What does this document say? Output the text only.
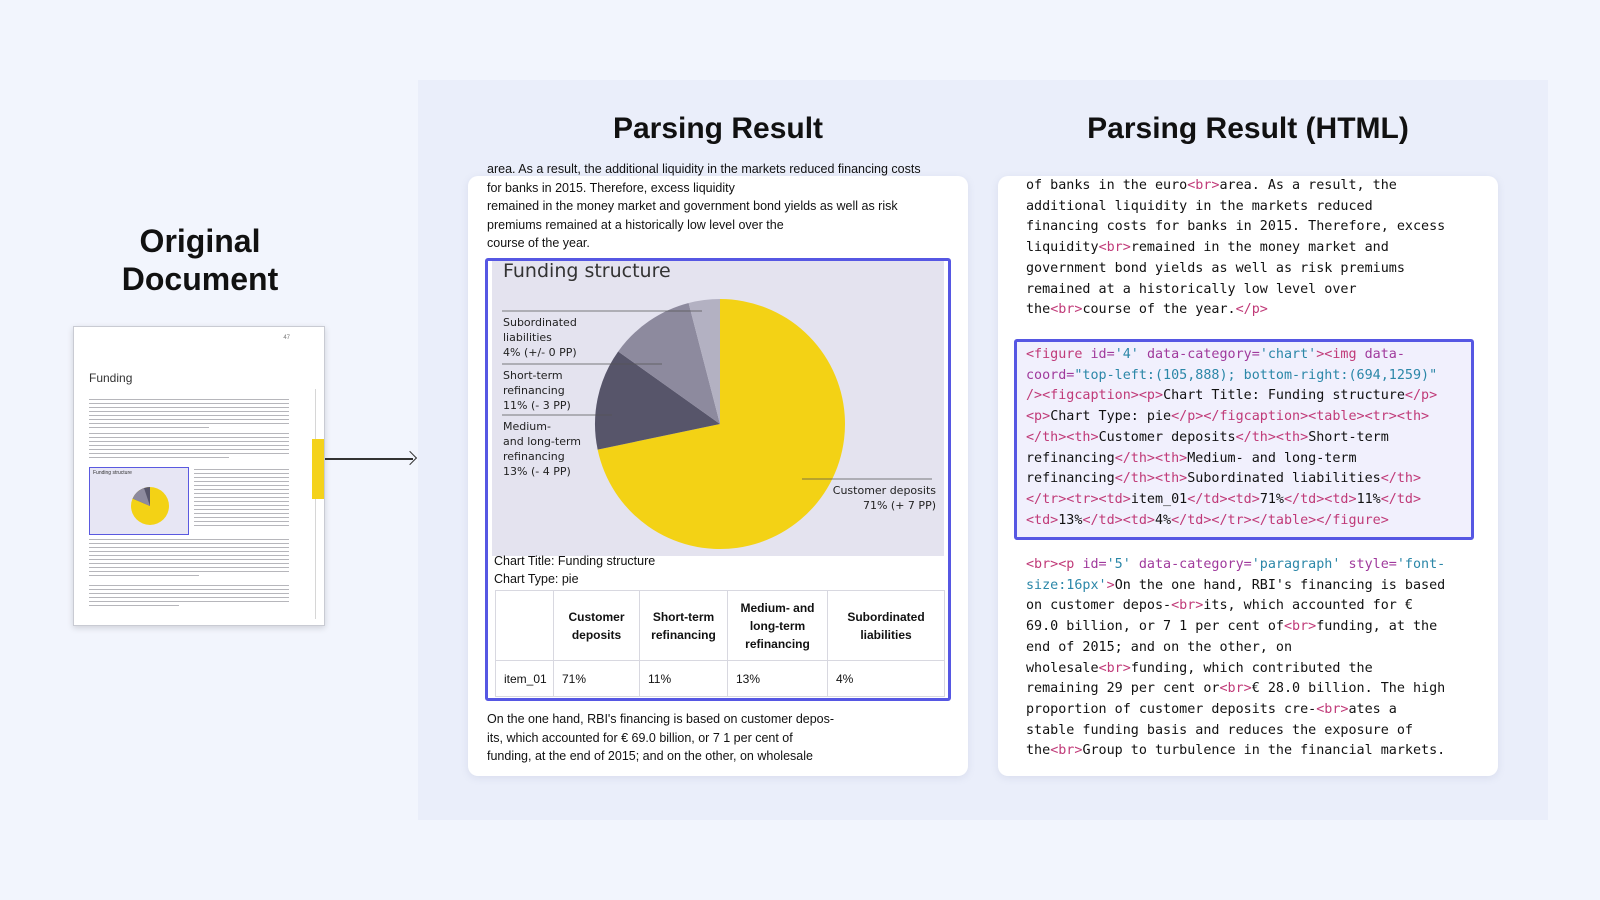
Original
Document
47
Funding
Funding structure
Parsing Result	Parsing Result (HTML)
area. As a result, the additional liquidity in the markets reduced financing costs
for banks in 2015. Therefore, excess liquidity
remained in the money market and government bond yields as well as risk
premiums remained at a historically low level over the
course of the year.
Funding structure
Subordinated
liabilities
4% (+/- 0 PP)
Short-term
refinancing
11% (- 3 PP)
Medium-
and long-term
refinancing
13% (- 4 PP)
Customer deposits
71% (+ 7 PP)
Chart Title: Funding structure
Chart Type: pie
	Customer deposits	Short-term refinancing	Medium- and long-term refinancing	Subordinated liabilities
item_01	71%	11%	13%	4%
On the one hand, RBI's financing is based on customer depos-
its, which accounted for € 69.0 billion, or 7 1 per cent of
funding, at the end of 2015; and on the other, on wholesale
of banks in the euro<br>area. As a result, the
additional liquidity in the markets reduced
financing costs for banks in 2015. Therefore, excess
liquidity<br>remained in the money market and
government bond yields as well as risk premiums
remained at a historically low level over
the<br>course of the year.</p>
<figure id='4' data-category='chart'><img data-
coord="top-left:(105,888); bottom-right:(694,1259)"
/><figcaption><p>Chart Title: Funding structure</p>
<p>Chart Type: pie</p></figcaption><table><tr><th>
</th><th>Customer deposits</th><th>Short-term
refinancing</th><th>Medium- and long-term
refinancing</th><th>Subordinated liabilities</th>
</tr><tr><td>item_01</td><td>71%</td><td>11%</td>
<td>13%</td><td>4%</td></tr></table></figure>
<br><p id='5' data-category='paragraph' style='font-
size:16px'>On the one hand, RBI's financing is based
on customer depos-<br>its, which accounted for €
69.0 billion, or 7 1 per cent of<br>funding, at the
end of 2015; and on the other, on
wholesale<br>funding, which contributed the
remaining 29 per cent or<br>€ 28.0 billion. The high
proportion of customer deposits cre-<br>ates a
stable funding basis and reduces the exposure of
the<br>Group to turbulence in the financial markets.
